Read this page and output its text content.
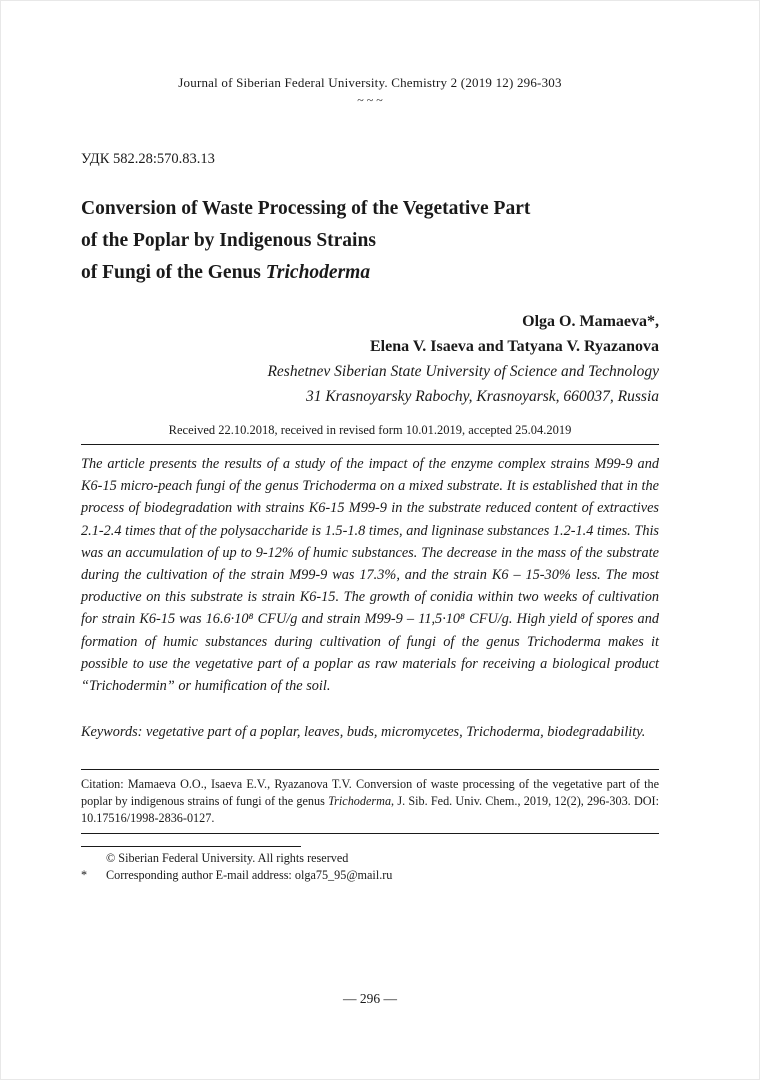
Journal of Siberian Federal University. Chemistry 2 (2019 12) 296-303
~ ~ ~
УДК 582.28:570.83.13
Conversion of Waste Processing of the Vegetative Part
of the Poplar by Indigenous Strains
of Fungi of the Genus Trichoderma
Olga O. Mamaeva*,
Elena V. Isaeva and Tatyana V. Ryazanova
Reshetnev Siberian State University of Science and Technology
31 Krasnoyarsky Rabochy, Krasnoyarsk, 660037, Russia
Received 22.10.2018, received in revised form 10.01.2019, accepted 25.04.2019

The article presents the results of a study of the impact of the enzyme complex strains M99-9 and K6-15 micro-peach fungi of the genus Trichoderma on a mixed substrate. It is established that in the process of biodegradation with strains K6-15 M99-9 in the substrate reduced content of extractives 2.1-2.4 times that of the polysaccharide is 1.5-1.8 times, and ligninase substances 1.2-1.4 times. This was an accumulation of up to 9-12% of humic substances. The decrease in the mass of the substrate during the cultivation of the strain M99-9 was 17.3%, and the strain K6 – 15-30% less. The most productive on this substrate is strain K6-15. The growth of conidia within two weeks of cultivation for strain K6-15 was 16.6·10⁸ CFU/g and strain M99-9 – 11,5·10⁸ CFU/g. High yield of spores and formation of humic substances during cultivation of fungi of the genus Trichoderma makes it possible to use the vegetative part of a poplar as raw materials for receiving a biological product “Trichodermin” or humification of the soil.

Keywords: vegetative part of a poplar, leaves, buds, micromycetes, Trichoderma, biodegradability.

Citation: Mamaeva O.O., Isaeva E.V., Ryazanova T.V. Conversion of waste processing of the vegetative part of the poplar by indigenous strains of fungi of the genus Trichoderma, J. Sib. Fed. Univ. Chem., 2019, 12(2), 296-303. DOI: 10.17516/1998-2836-0127.

© Siberian Federal University. All rights reserved
*	Corresponding author E-mail address: olga75_95@mail.ru
— 296 —
